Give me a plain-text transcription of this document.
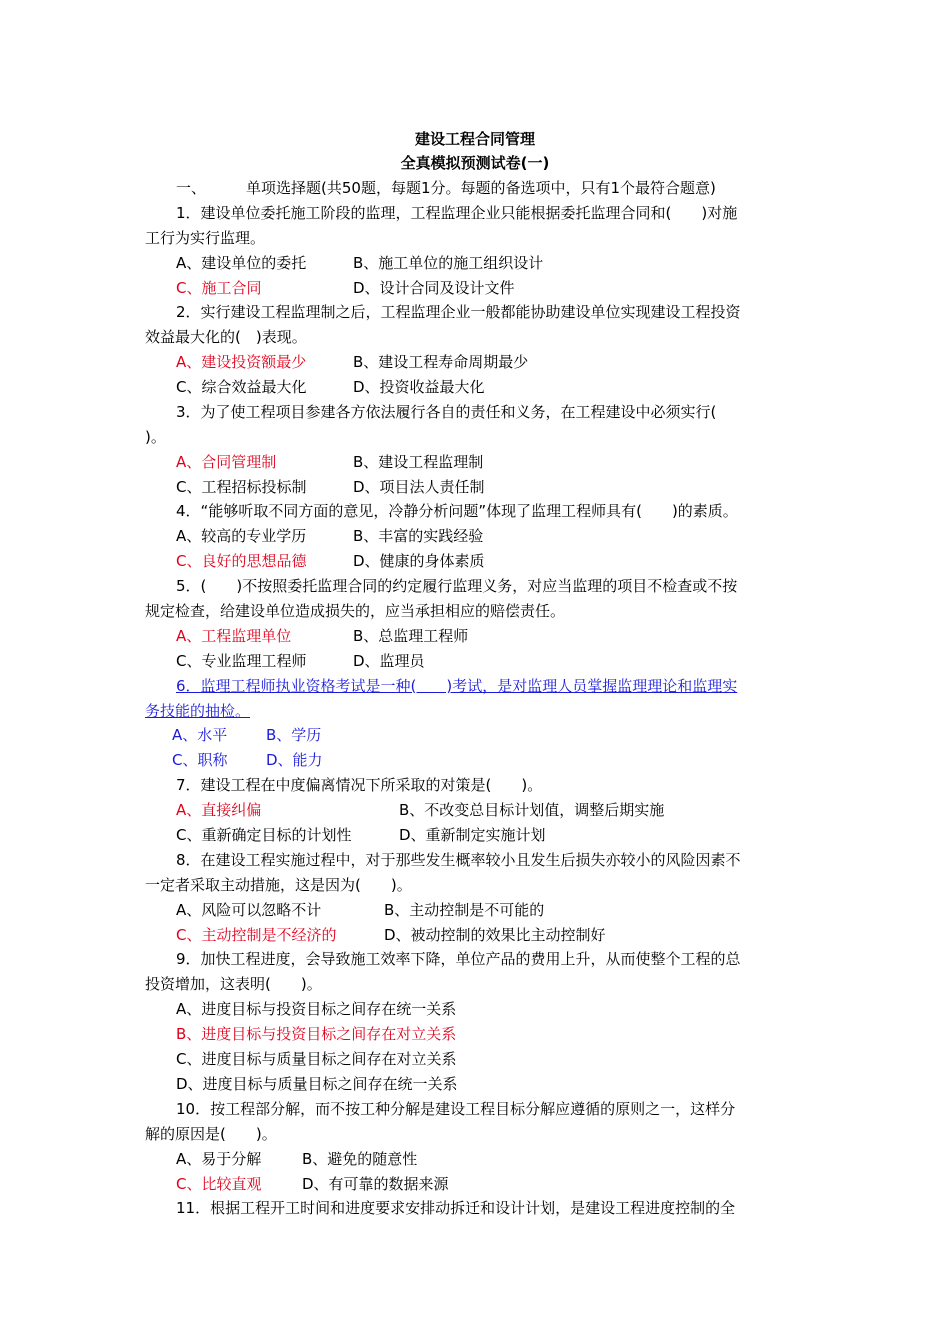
建设工程合同管理
全真模拟预测试卷(一)
一、	单项选择题(共50题，每题1分。每题的备选项中，只有1个最符合题意)
1．建设单位委托施工阶段的监理，工程监理企业只能根据委托监理合同和(　　)对施
工行为实行监理。
A、建设单位的委托	B、施工单位的施工组织设计
C、施工合同	D、设计合同及设计文件
2．实行建设工程监理制之后，工程监理企业一般都能协助建设单位实现建设工程投资
效益最大化的(　)表现。
A、建设投资额最少	B、建设工程寿命周期最少
C、综合效益最大化	D、投资收益最大化
3．为了使工程项目参建各方依法履行各自的责任和义务，在工程建设中必须实行(
)。
A、合同管理制	B、建设工程监理制
C、工程招标投标制	D、项目法人责任制
4．“能够听取不同方面的意见，冷静分析问题”体现了监理工程师具有(　　)的素质。
A、较高的专业学历	B、丰富的实践经验
C、良好的思想品德	D、健康的身体素质
5．(　　)不按照委托监理合同的约定履行监理义务，对应当监理的项目不检查或不按
规定检查，给建设单位造成损失的，应当承担相应的赔偿责任。
A、工程监理单位	B、总监理工程师
C、专业监理工程师	D、监理员
6．监理工程师执业资格考试是一种(　　)考试，是对监理人员掌握监理理论和监理实
务技能的抽检。
A、水平	B、学历
C、职称	D、能力
7．建设工程在中度偏离情况下所采取的对策是(　　)。
A、直接纠偏	B、不改变总目标计划值，调整后期实施
C、重新确定目标的计划性	D、重新制定实施计划
8．在建设工程实施过程中，对于那些发生概率较小且发生后损失亦较小的风险因素不
一定者采取主动措施，这是因为(　　)。
A、风险可以忽略不计	B、主动控制是不可能的
C、主动控制是不经济的	D、被动控制的效果比主动控制好
9．加快工程进度，会导致施工效率下降，单位产品的费用上升，从而使整个工程的总
投资增加，这表明(　　)。
A、进度目标与投资目标之间存在统一关系
B、进度目标与投资目标之间存在对立关系
C、进度目标与质量目标之间存在对立关系
D、进度目标与质量目标之间存在统一关系
10．按工程部分解，而不按工种分解是建设工程目标分解应遵循的原则之一，这样分
解的原因是(　　)。
A、易于分解	B、避免的随意性
C、比较直观	D、有可靠的数据来源
11．根据工程开工时间和进度要求安排动拆迁和设计计划，是建设工程进度控制的全
